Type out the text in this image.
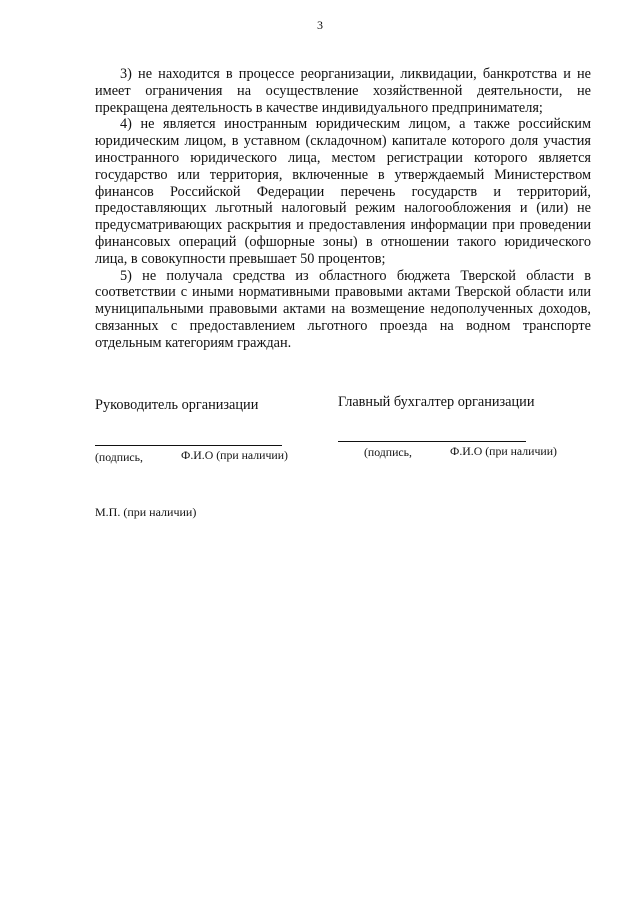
3

3) не находится в процессе реорганизации, ликвидации, банкротства и не имеет ограничения на осуществление хозяйственной деятельности, не прекращена деятельность в качестве индивидуального предпринимателя;

4) не является иностранным юридическим лицом, а также российским юридическим лицом, в уставном (складочном) капитале которого доля участия иностранного юридического лица, местом регистрации которого является государство или территория, включенные в утверждаемый Министерством финансов Российской Федерации перечень государств и территорий, предоставляющих льготный налоговый режим налогообложения и (или) не предусматривающих раскрытия и предоставления информации при проведении финансовых операций (офшорные зоны) в отношении такого юридического лица, в совокупности превышает 50 процентов;

5) не получала средства из областного бюджета Тверской области в соответствии с иными нормативными правовыми актами Тверской области или муниципальными правовыми актами на возмещение недополученных доходов, связанных с предоставлением льготного проезда на водном транспорте отдельным категориям граждан.

Руководитель организации
(подпись,	Ф.И.О (при наличии)
Главный бухгалтер организации
(подпись,	Ф.И.О (при наличии)
М.П. (при наличии)
